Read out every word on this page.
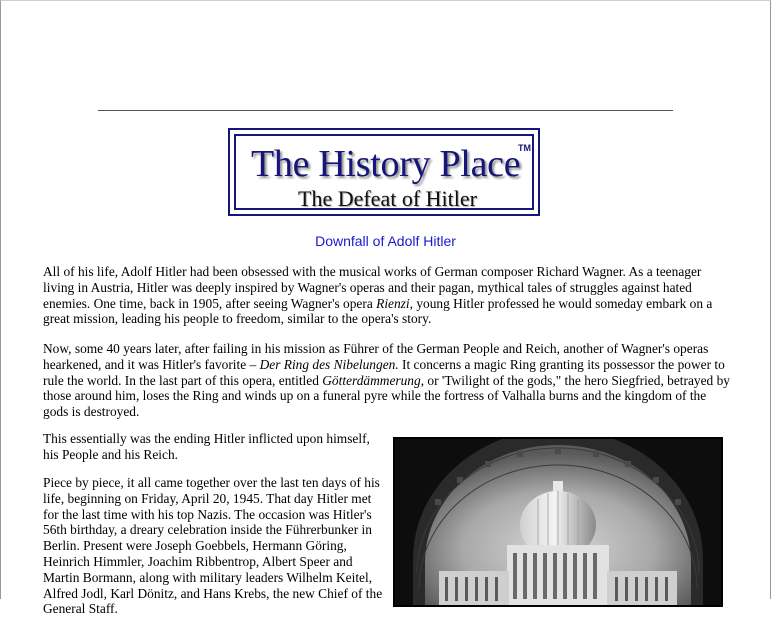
The History Place
TM
The Defeat of Hitler
Downfall of Adolf Hitler

All of his life, Adolf Hitler had been obsessed with the musical works of German composer Richard Wagner. As a teenager living in Austria, Hitler was deeply inspired by Wagner's operas and their pagan, mythical tales of struggles against hated enemies. One time, back in 1905, after seeing Wagner's opera Rienzi, young Hitler professed he would someday embark on a great mission, leading his people to freedom, similar to the opera's story.

Now, some 40 years later, after failing in his mission as Führer of the German People and Reich, another of Wagner's operas hearkened, and it was Hitler's favorite – Der Ring des Nibelungen. It concerns a magic Ring granting its possessor the power to rule the world. In the last part of this opera, entitled Götterdämmerung, or 'Twilight of the gods," the hero Siegfried, betrayed by those around him, loses the Ring and winds up on a funeral pyre while the fortress of Valhalla burns and the kingdom of the gods is destroyed.

This essentially was the ending Hitler inflicted upon himself, his People and his Reich.

Piece by piece, it all came together over the last ten days of his life, beginning on Friday, April 20, 1945. That day Hitler met for the last time with his top Nazis. The occasion was Hitler's 56th birthday, a dreary celebration inside the Führerbunker in Berlin. Present were Joseph Goebbels, Hermann Göring, Heinrich Himmler, Joachim Ribbentrop, Albert Speer and Martin Bormann, along with military leaders Wilhelm Keitel, Alfred Jodl, Karl Dönitz, and Hans Krebs, the new Chief of the General Staff.
